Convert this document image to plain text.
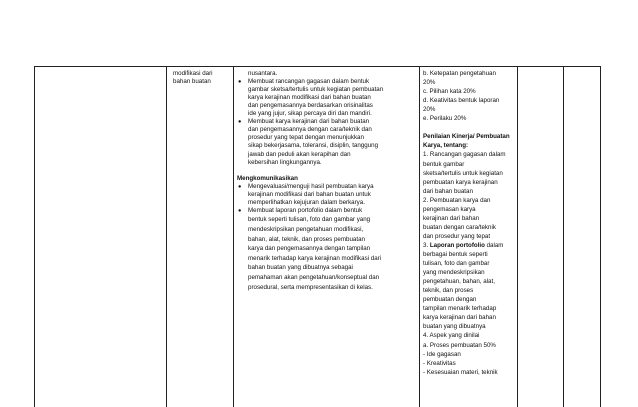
modifikasi dari
bahan buatan
nusantara.
● Membuat rancangan gagasan dalam bentuk
gambar sketsa/tertulis untuk kegiatan pembuatan
karya kerajinan modifikasi dari bahan buatan
dan pengemasannya berdasarkan orisinalitas
ide yang jujur, sikap percaya diri dan mandiri.
● Membuat karya kerajinan dari bahan buatan
dan pengemasannya dengan cara/teknik dan
prosedur yang tepat dengan menunjukkan
sikap bekerjasama, toleransi, disiplin, tanggung
jawab dan peduli akan kerapihan dan
kebersihan lingkungannya.
Mengkomunikasikan
● Mengevaluasi/menguji hasil pembuatan karya
kerajinan modifikasi dari bahan buatan untuk
memperlihatkan kejujuran dalam berkarya.
● Membuat laporan portofolio dalam bentuk
bentuk seperti tulisan, foto dan gambar yang
mendeskripsikan pengetahuan modifikasi,
bahan, alat, teknik, dan proses pembuatan
karya dan pengemasannya dengan tampilan
menarik terhadap karya kerajinan modifikasi dari
bahan buatan yang dibuatnya sebagai
pemahaman akan pengetahuan/konseptual dan
prosedural, serta mempresentasikan di kelas.
b. Ketepatan pengetahuan
20%
c. Pilihan kata 20%
d. Keativitas bentuk laporan
20%
e. Perilaku 20%
Penilaian Kinerja/ Pembuatan
Karya, tentang:
1. Rancangan gagasan dalam
bentuk gambar
sketsa/tertulis untuk kegiatan
pembuatan karya kerajinan
dari bahan buatan
2. Pembuatan karya dan
pengemasan karya
kerajinan dari bahan
buatan dengan cara/teknik
dan prosedur yang tepat
3. Laporan portofolio dalam
berbagai bentuk seperti
tulisan, foto dan gambar
yang mendeskripsikan
pengetahuan, bahan, alat,
teknik, dan proses
pembuatan dengan
tampilan menarik terhadap
karya kerajinan dari bahan
buatan yang dibuatnya
4. Aspek yang dinilai
a. Proses pembuatan 50%
- Ide gagasan
- Kreativitas
- Kesesuaian materi, teknik
